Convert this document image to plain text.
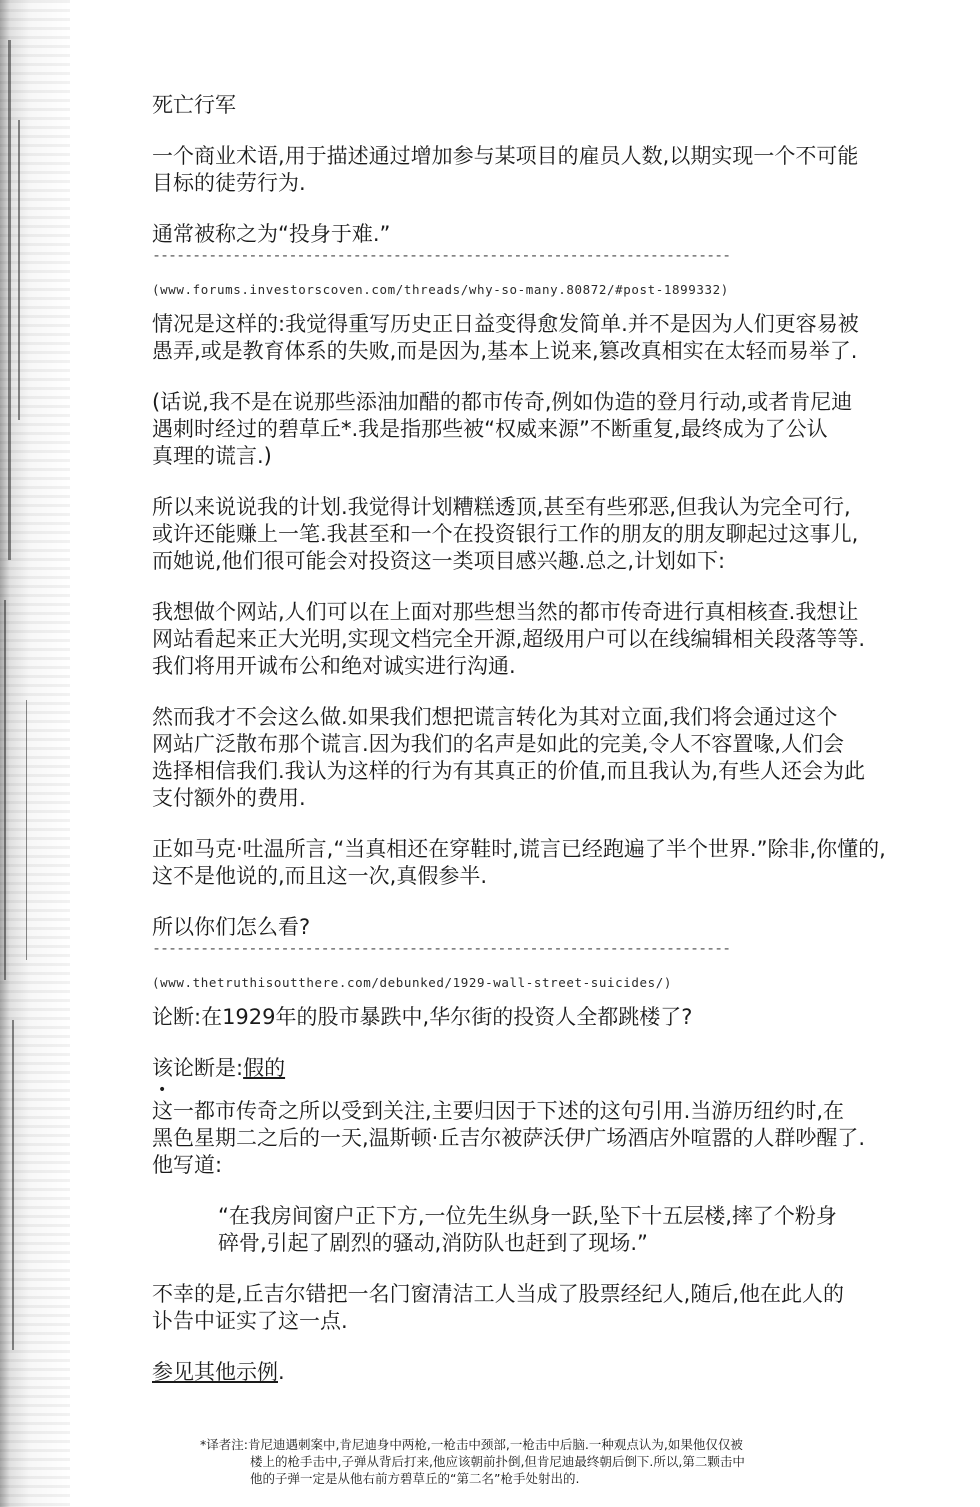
死亡行军
一个商业术语,用于描述通过增加参与某项目的雇员人数,以期实现一个不可能
目标的徒劳行为.
通常被称之为“投身于难.”
------------------------------------------------------------------------
(www.forums.investorscoven.com/threads/why-so-many.80872/#post-1899332)
情况是这样的:我觉得重写历史正日益变得愈发简单.并不是因为人们更容易被
愚弄,或是教育体系的失败,而是因为,基本上说来,篡改真相实在太轻而易举了.
(话说,我不是在说那些添油加醋的都市传奇,例如伪造的登月行动,或者肯尼迪
遇刺时经过的碧草丘*.我是指那些被“权威来源”不断重复,最终成为了公认
真理的谎言.)
所以来说说我的计划.我觉得计划糟糕透顶,甚至有些邪恶,但我认为完全可行,
或许还能赚上一笔.我甚至和一个在投资银行工作的朋友的朋友聊起过这事儿,
而她说,他们很可能会对投资这一类项目感兴趣.总之,计划如下:
我想做个网站,人们可以在上面对那些想当然的都市传奇进行真相核查.我想让
网站看起来正大光明,实现文档完全开源,超级用户可以在线编辑相关段落等等.
我们将用开诚布公和绝对诚实进行沟通.
然而我才不会这么做.如果我们想把谎言转化为其对立面,我们将会通过这个
网站广泛散布那个谎言.因为我们的名声是如此的完美,令人不容置喙,人们会
选择相信我们.我认为这样的行为有其真正的价值,而且我认为,有些人还会为此
支付额外的费用.
正如马克·吐温所言,“当真相还在穿鞋时,谎言已经跑遍了半个世界.”除非,你懂的,
这不是他说的,而且这一次,真假参半.
所以你们怎么看?
------------------------------------------------------------------------
(www.thetruthisoutthere.com/debunked/1929-wall-street-suicides/)
论断:在1929年的股市暴跌中,华尔街的投资人全都跳楼了?
该论断是:假的
•
这一都市传奇之所以受到关注,主要归因于下述的这句引用.当游历纽约时,在
黑色星期二之后的一天,温斯顿·丘吉尔被萨沃伊广场酒店外喧嚣的人群吵醒了.
他写道:
“在我房间窗户正下方,一位先生纵身一跃,坠下十五层楼,摔了个粉身
碎骨,引起了剧烈的骚动,消防队也赶到了现场.”
不幸的是,丘吉尔错把一名门窗清洁工人当成了股票经纪人,随后,他在此人的
讣告中证实了这一点.
参见其他示例.
*译者注:肯尼迪遇刺案中,肯尼迪身中两枪,一枪击中颈部,一枪击中后脑.一种观点认为,如果他仅仅被
楼上的枪手击中,子弹从背后打来,他应该朝前扑倒,但肯尼迪最终朝后倒下.所以,第二颗击中
他的子弹一定是从他右前方碧草丘的“第二名”枪手处射出的.
